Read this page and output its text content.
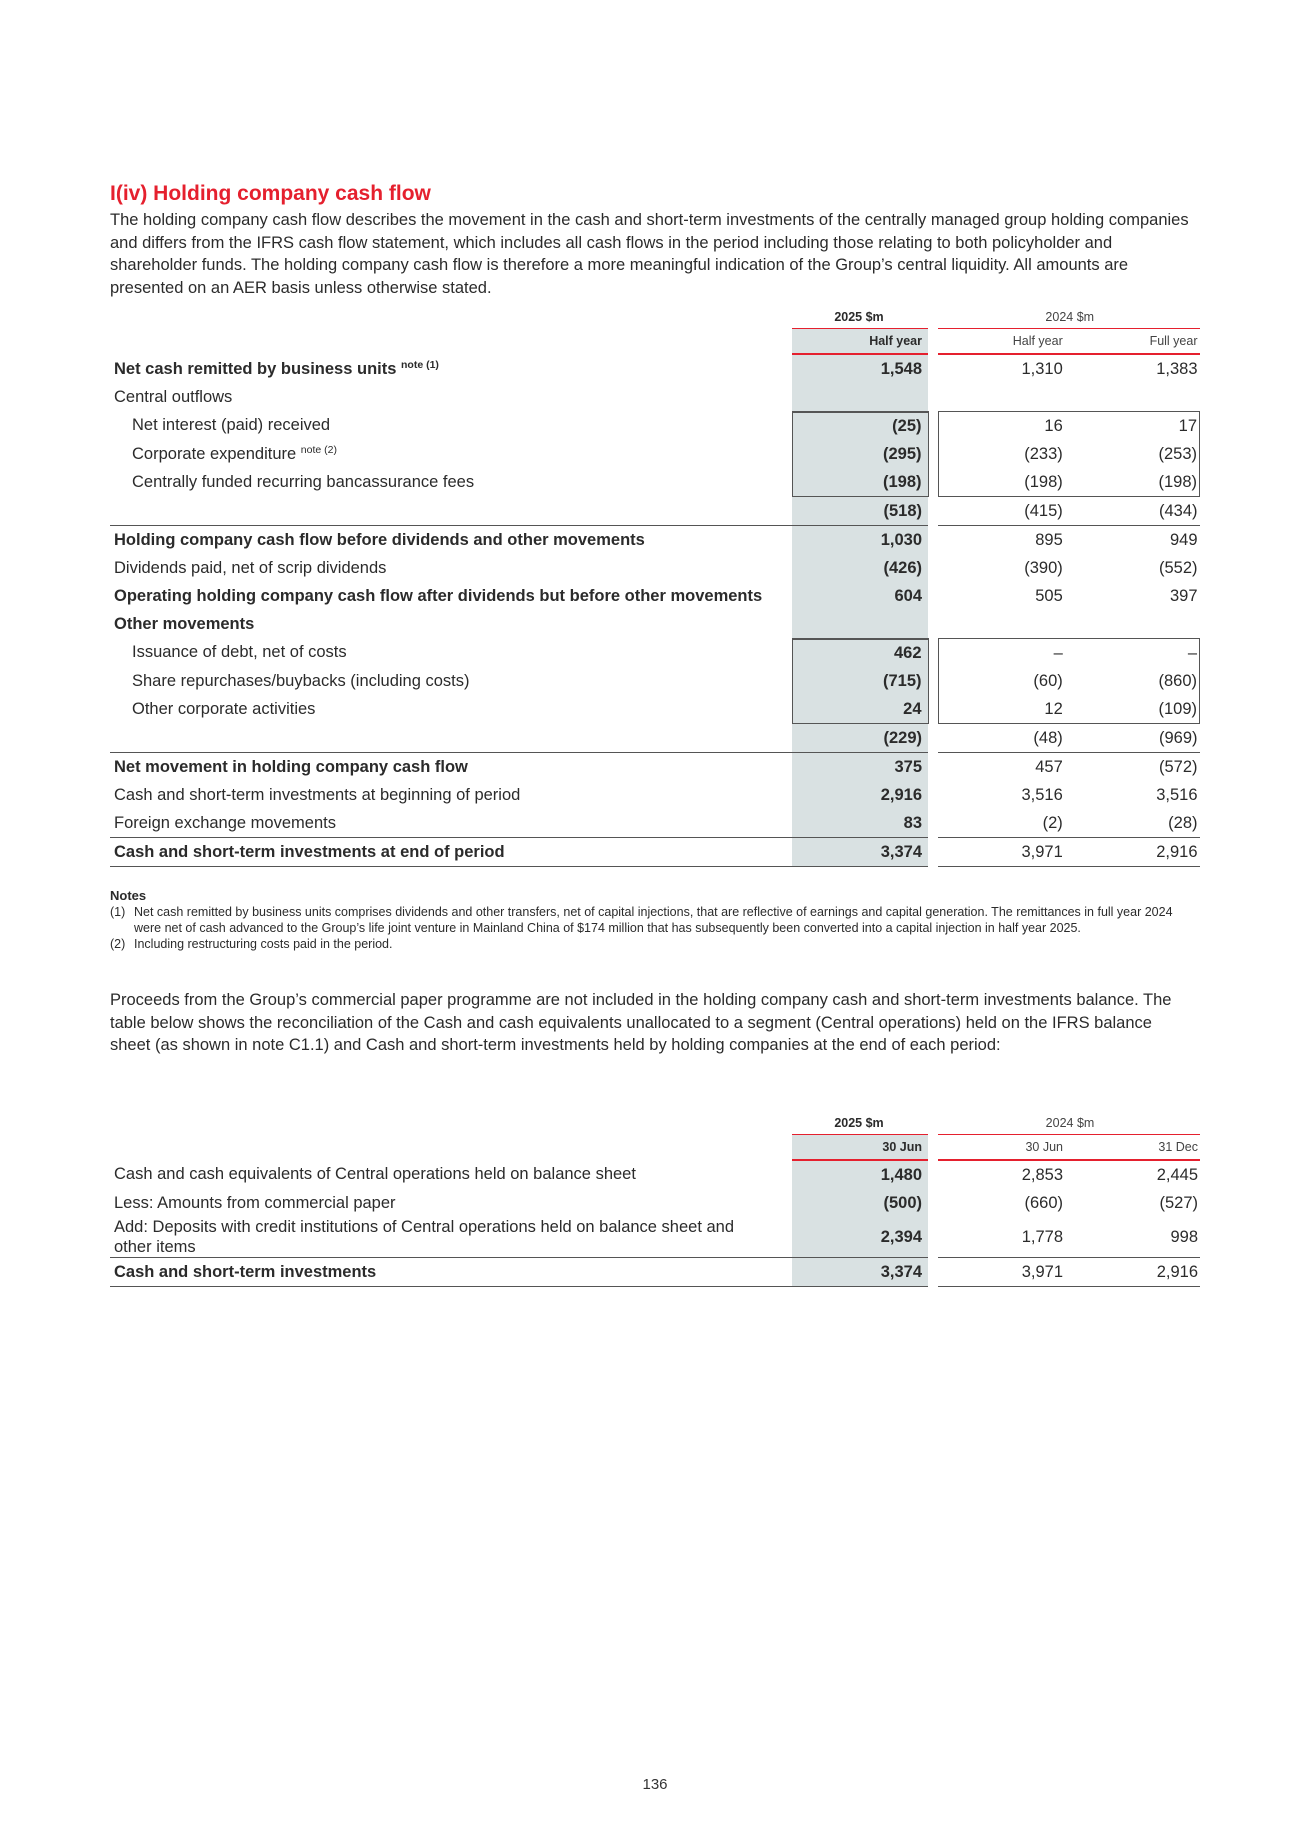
I(iv) Holding company cash flow

The holding company cash flow describes the movement in the cash and short-term investments of the centrally managed group holding companies and differs from the IFRS cash flow statement, which includes all cash flows in the period including those relating to both policyholder and shareholder funds. The holding company cash flow is therefore a more meaningful indication of the Group’s central liquidity. All amounts are presented on an AER basis unless otherwise stated.

	2025 $m		2024 $m	
	Half year		Half year	Full year
Net cash remitted by business units $^{note (1)}$	1,548		1,310	1,383
Central outflows				
Net interest (paid) received	(25)		16	17
Corporate expenditure $^{note (2)}$	(295)		(233)	(253)
Centrally funded recurring bancassurance fees	(198)		(198)	(198)
	(518)		(415)	(434)
Holding company cash flow before dividends and other movements	1,030		895	949
Dividends paid, net of scrip dividends	(426)		(390)	(552)
Operating holding company cash flow after dividends but before other movements	604		505	397
Other movements				
Issuance of debt, net of costs	462		–	–
Share repurchases/buybacks (including costs)	(715)		(60)	(860)
Other corporate activities	24		12	(109)
	(229)		(48)	(969)
Net movement in holding company cash flow	375		457	(572)
Cash and short-term investments at beginning of period	2,916		3,516	3,516
Foreign exchange movements	83		(2)	(28)
Cash and short-term investments at end of period	3,374		3,971	2,916
Notes
(1) Net cash remitted by business units comprises dividends and other transfers, net of capital injections, that are reflective of earnings and capital generation. The remittances in full year 2024 were net of cash advanced to the Group’s life joint venture in Mainland China of $174 million that has subsequently been converted into a capital injection in half year 2025.
(2) Including restructuring costs paid in the period.

Proceeds from the Group’s commercial paper programme are not included in the holding company cash and short-term investments balance. The table below shows the reconciliation of the Cash and cash equivalents unallocated to a segment (Central operations) held on the IFRS balance sheet (as shown in note C1.1) and Cash and short-term investments held by holding companies at the end of each period:

	2025 $m		2024 $m	
	30 Jun		30 Jun	31 Dec
Cash and cash equivalents of Central operations held on balance sheet	1,480		2,853	2,445
Less: Amounts from commercial paper	(500)		(660)	(527)
Add: Deposits with credit institutions of Central operations held on balance sheet and other items	2,394		1,778	998
Cash and short-term investments	3,374		3,971	2,916
136
